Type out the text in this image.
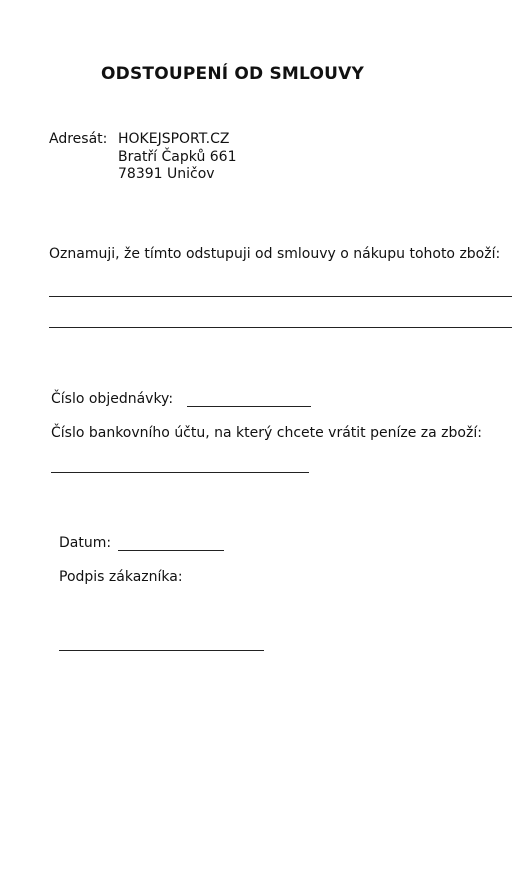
ODSTOUPENÍ OD SMLOUVY
Adresát: HOKEJSPORT.CZ
Bratří Čapků 661
78391 Uničov
Oznamuji, že tímto odstupuji od smlouvy o nákupu tohoto zboží:
Číslo objednávky:
Číslo bankovního účtu, na který chcete vrátit peníze za zboží:
Datum:
Podpis zákazníka:
